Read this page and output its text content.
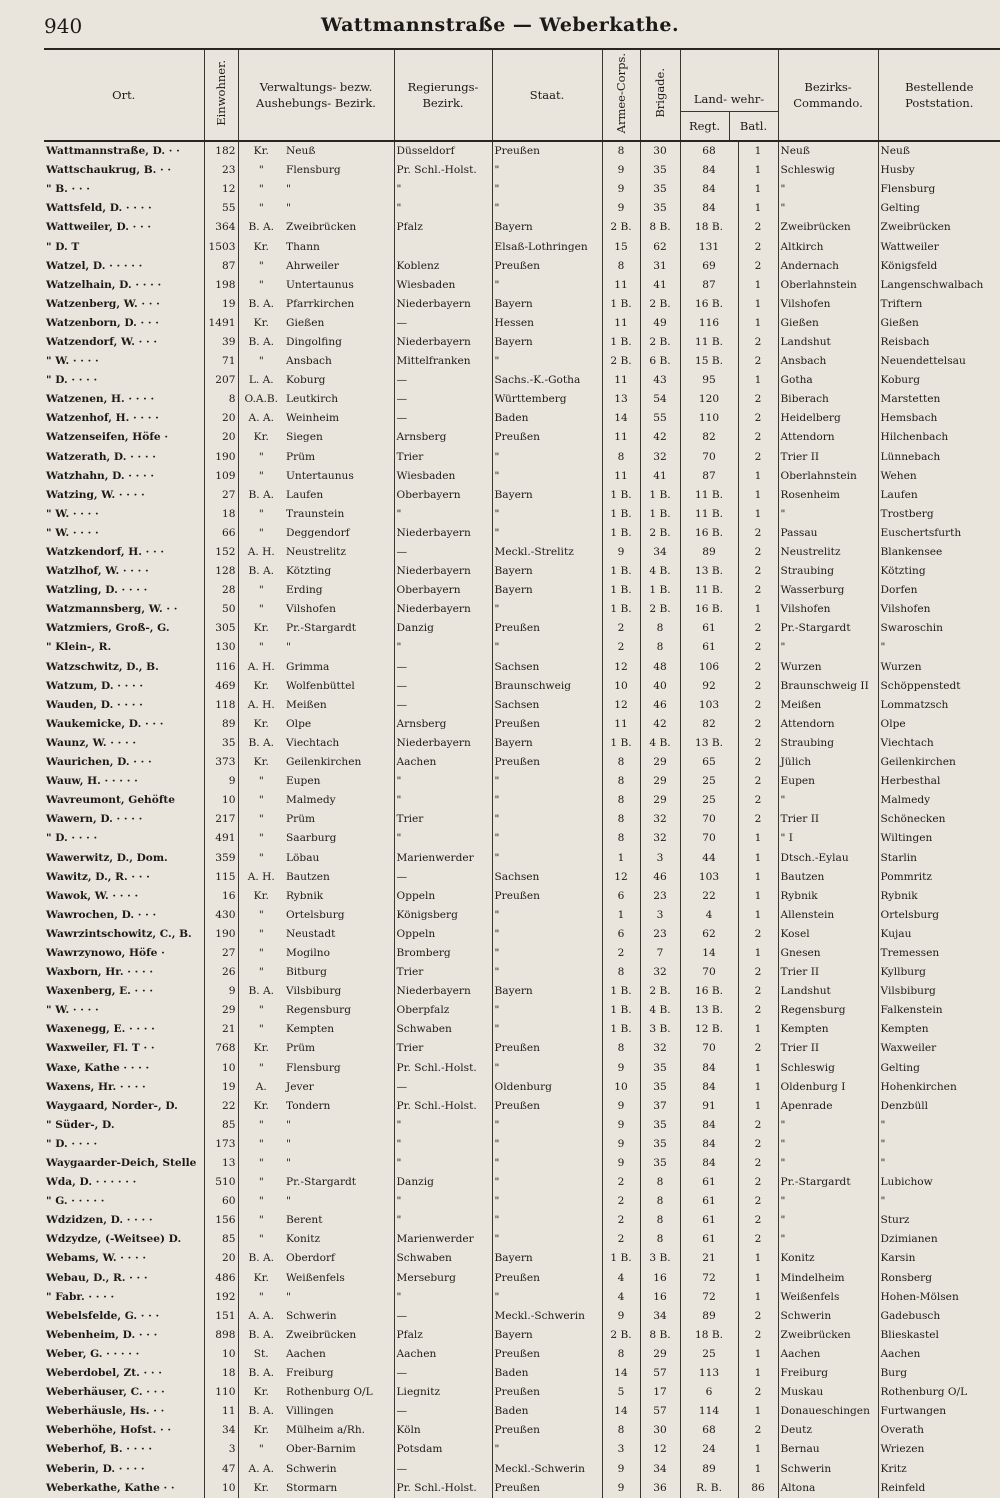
940	Wattmannstraße — Weberkathe.
Ort.	Einwohner.	Verwaltungs- bezw. Aushebungs- Bezirk.		Regierungs- Bezirk.	Staat.	Armee-Corps.	Brigade.	Land- wehr-
Regt. Batl.		Bezirks- Commando.	Bestellende Poststation.
Wattmannstraße, D. · ·	182	Kr.	Neuß	Düsseldorf	Preußen	8	30	68	1	Neuß	Neuß
Wattschaukrug, B. · ·	23	"	Flensburg	Pr. Schl.-Holst.	"	9	35	84	1	Schleswig	Husby
" B. · · ·	12	"	"	"	"	9	35	84	1	"	Flensburg
Wattsfeld, D. · · · ·	55	"	"	"	"	9	35	84	1	"	Gelting
Wattweiler, D. · · ·	364	B. A.	Zweibrücken	Pfalz	Bayern	2 B.	8 B.	18 B.	2	Zweibrücken	Zweibrücken
" D. T	1503	Kr.	Thann		Elsaß-Lothringen	15	62	131	2	Altkirch	Wattweiler
Watzel, D. · · · · ·	87	"	Ahrweiler	Koblenz	Preußen	8	31	69	2	Andernach	Königsfeld
Watzelhain, D. · · · ·	198	"	Untertaunus	Wiesbaden	"	11	41	87	1	Oberlahnstein	Langenschwalbach
Watzenberg, W. · · ·	19	B. A.	Pfarrkirchen	Niederbayern	Bayern	1 B.	2 B.	16 B.	1	Vilshofen	Triftern
Watzenborn, D. · · ·	1491	Kr.	Gießen	—	Hessen	11	49	116	1	Gießen	Gießen
Watzendorf, W. · · ·	39	B. A.	Dingolfing	Niederbayern	Bayern	1 B.	2 B.	11 B.	2	Landshut	Reisbach
" W. · · · ·	71	"	Ansbach	Mittelfranken	"	2 B.	6 B.	15 B.	2	Ansbach	Neuendettelsau
" D. · · · ·	207	L. A.	Koburg	—	Sachs.-K.-Gotha	11	43	95	1	Gotha	Koburg
Watzenen, H. · · · ·	8	O.A.B.	Leutkirch	—	Württemberg	13	54	120	2	Biberach	Marstetten
Watzenhof, H. · · · ·	20	A. A.	Weinheim	—	Baden	14	55	110	2	Heidelberg	Hemsbach
Watzenseifen, Höfe ·	20	Kr.	Siegen	Arnsberg	Preußen	11	42	82	2	Attendorn	Hilchenbach
Watzerath, D. · · · ·	190	"	Prüm	Trier	"	8	32	70	2	Trier II	Lünnebach
Watzhahn, D. · · · ·	109	"	Untertaunus	Wiesbaden	"	11	41	87	1	Oberlahnstein	Wehen
Watzing, W. · · · ·	27	B. A.	Laufen	Oberbayern	Bayern	1 B.	1 B.	11 B.	1	Rosenheim	Laufen
" W. · · · ·	18	"	Traunstein	"	"	1 B.	1 B.	11 B.	1	"	Trostberg
" W. · · · ·	66	"	Deggendorf	Niederbayern	"	1 B.	2 B.	16 B.	2	Passau	Euschertsfurth
Watzkendorf, H. · · ·	152	A. H.	Neustrelitz	—	Meckl.-Strelitz	9	34	89	2	Neustrelitz	Blankensee
Watzlhof, W. · · · ·	128	B. A.	Kötzting	Niederbayern	Bayern	1 B.	4 B.	13 B.	2	Straubing	Kötzting
Watzling, D. · · · ·	28	"	Erding	Oberbayern	Bayern	1 B.	1 B.	11 B.	2	Wasserburg	Dorfen
Watzmannsberg, W. · ·	50	"	Vilshofen	Niederbayern	"	1 B.	2 B.	16 B.	1	Vilshofen	Vilshofen
Watzmiers, Groß-, G.	305	Kr.	Pr.-Stargardt	Danzig	Preußen	2	8	61	2	Pr.-Stargardt	Swaroschin
" Klein-, R.	130	"	"	"	"	2	8	61	2	"	"
Watzschwitz, D., B.	116	A. H.	Grimma	—	Sachsen	12	48	106	2	Wurzen	Wurzen
Watzum, D. · · · ·	469	Kr.	Wolfenbüttel	—	Braunschweig	10	40	92	2	Braunschweig II	Schöppenstedt
Wauden, D. · · · ·	118	A. H.	Meißen	—	Sachsen	12	46	103	2	Meißen	Lommatzsch
Waukemicke, D. · · ·	89	Kr.	Olpe	Arnsberg	Preußen	11	42	82	2	Attendorn	Olpe
Waunz, W. · · · ·	35	B. A.	Viechtach	Niederbayern	Bayern	1 B.	4 B.	13 B.	2	Straubing	Viechtach
Waurichen, D. · · ·	373	Kr.	Geilenkirchen	Aachen	Preußen	8	29	65	2	Jülich	Geilenkirchen
Wauw, H. · · · · ·	9	"	Eupen	"	"	8	29	25	2	Eupen	Herbesthal
Wavreumont, Gehöfte	10	"	Malmedy	"	"	8	29	25	2	"	Malmedy
Wawern, D. · · · ·	217	"	Prüm	Trier	"	8	32	70	2	Trier II	Schönecken
" D. · · · ·	491	"	Saarburg	"	"	8	32	70	1	" I	Wiltingen
Wawerwitz, D., Dom.	359	"	Löbau	Marienwerder	"	1	3	44	1	Dtsch.-Eylau	Starlin
Wawitz, D., R. · · ·	115	A. H.	Bautzen	—	Sachsen	12	46	103	1	Bautzen	Pommritz
Wawok, W. · · · ·	16	Kr.	Rybnik	Oppeln	Preußen	6	23	22	1	Rybnik	Rybnik
Wawrochen, D. · · ·	430	"	Ortelsburg	Königsberg	"	1	3	4	1	Allenstein	Ortelsburg
Wawrzintschowitz, C., B.	190	"	Neustadt	Oppeln	"	6	23	62	2	Kosel	Kujau
Wawrzynowo, Höfe ·	27	"	Mogilno	Bromberg	"	2	7	14	1	Gnesen	Tremessen
Waxborn, Hr. · · · ·	26	"	Bitburg	Trier	"	8	32	70	2	Trier II	Kyllburg
Waxenberg, E. · · ·	9	B. A.	Vilsbiburg	Niederbayern	Bayern	1 B.	2 B.	16 B.	2	Landshut	Vilsbiburg
" W. · · · ·	29	"	Regensburg	Oberpfalz	"	1 B.	4 B.	13 B.	2	Regensburg	Falkenstein
Waxenegg, E. · · · ·	21	"	Kempten	Schwaben	"	1 B.	3 B.	12 B.	1	Kempten	Kempten
Waxweiler, Fl. T · ·	768	Kr.	Prüm	Trier	Preußen	8	32	70	2	Trier II	Waxweiler
Waxe, Kathe · · · ·	10	"	Flensburg	Pr. Schl.-Holst.	"	9	35	84	1	Schleswig	Gelting
Waxens, Hr. · · · ·	19	A.	Jever	—	Oldenburg	10	35	84	1	Oldenburg I	Hohenkirchen
Waygaard, Norder-, D.	22	Kr.	Tondern	Pr. Schl.-Holst.	Preußen	9	37	91	1	Apenrade	Denzbüll
" Süder-, D.	85	"	"	"	"	9	35	84	2	"	"
" D. · · · ·	173	"	"	"	"	9	35	84	2	"	"
Waygaarder-Deich, Stelle	13	"	"	"	"	9	35	84	2	"	"
Wda, D. · · · · · ·	510	"	Pr.-Stargardt	Danzig	"	2	8	61	2	Pr.-Stargardt	Lubichow
" G. · · · · ·	60	"	"	"	"	2	8	61	2	"	"
Wdzidzen, D. · · · ·	156	"	Berent	"	"	2	8	61	2	"	Sturz
Wdzydze, (-Weitsee) D.	85	"	Konitz	Marienwerder	"	2	8	61	2	"	Dzimianen
Webams, W. · · · ·	20	B. A.	Oberdorf	Schwaben	Bayern	1 B.	3 B.	21	1	Konitz	Karsin
Webau, D., R. · · ·	486	Kr.	Weißenfels	Merseburg	Preußen	4	16	72	1	Mindelheim	Ronsberg
" Fabr. · · · ·	192	"	"	"	"	4	16	72	1	Weißenfels	Hohen-Mölsen
Webelsfelde, G. · · ·	151	A. A.	Schwerin	—	Meckl.-Schwerin	9	34	89	2	Schwerin	Gadebusch
Webenheim, D. · · ·	898	B. A.	Zweibrücken	Pfalz	Bayern	2 B.	8 B.	18 B.	2	Zweibrücken	Blieskastel
Weber, G. · · · · ·	10	St.	Aachen	Aachen	Preußen	8	29	25	1	Aachen	Aachen
Weberdobel, Zt. · · ·	18	B. A.	Freiburg	—	Baden	14	57	113	1	Freiburg	Burg
Weberhäuser, C. · · ·	110	Kr.	Rothenburg O/L	Liegnitz	Preußen	5	17	6	2	Muskau	Rothenburg O/L
Weberhäusle, Hs. · ·	11	B. A.	Villingen	—	Baden	14	57	114	1	Donaueschingen	Furtwangen
Weberhöhe, Hofst. · ·	34	Kr.	Mülheim a/Rh.	Köln	Preußen	8	30	68	2	Deutz	Overath
Weberhof, B. · · · ·	3	"	Ober-Barnim	Potsdam	"	3	12	24	1	Bernau	Wriezen
Weberin, D. · · · ·	47	A. A.	Schwerin	—	Meckl.-Schwerin	9	34	89	1	Schwerin	Kritz
Weberkathe, Kathe · ·	10	Kr.	Stormarn	Pr. Schl.-Holst.	Preußen	9	36	R. B.	86	Altona	Reinfeld
